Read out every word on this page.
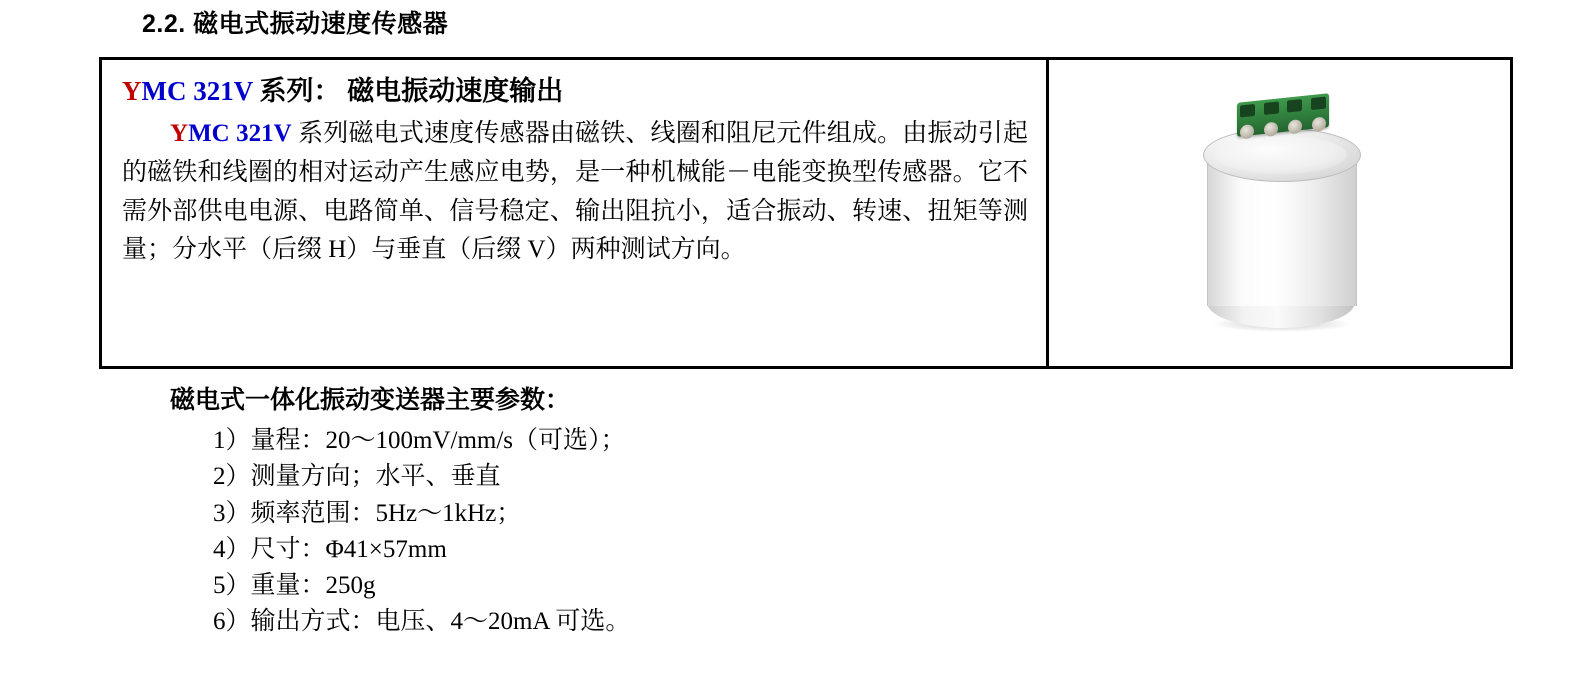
2.2. 磁电式振动速度传感器
YMC 321V 系列： 磁电振动速度输出

YMC 321V 系列磁电式速度传感器由磁铁、线圈和阻尼元件组成。由振动引起的磁铁和线圈的相对运动产生感应电势，是一种机械能－电能变换型传感器。它不需外部供电电源、电路简单、信号稳定、输出阻抗小，适合振动、转速、扭矩等测量；分水平（后缀 H）与垂直（后缀 V）两种测试方向。

磁电式一体化振动变送器主要参数：
1）量程：20～100mV/mm/s（可选）；
2）测量方向；水平、垂直
3）频率范围：5Hz～1kHz；
4）尺寸：Φ41×57mm
5）重量：250g
6）输出方式：电压、4～20mA 可选。
